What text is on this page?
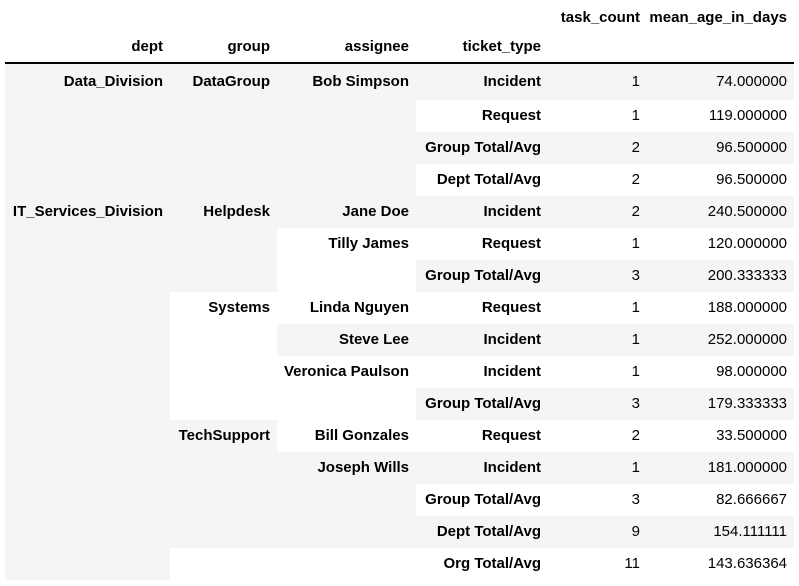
				task_count	mean_age_in_days
dept	group	assignee	ticket_type		
Data_Division	DataGroup	Bob Simpson	Incident	1	74.000000
			Request	1	119.000000
			Group Total/Avg	2	96.500000
			Dept Total/Avg	2	96.500000
IT_Services_Division	Helpdesk	Jane Doe	Incident	2	240.500000
		Tilly James	Request	1	120.000000
			Group Total/Avg	3	200.333333
	Systems	Linda Nguyen	Request	1	188.000000
		Steve Lee	Incident	1	252.000000
		Veronica Paulson	Incident	1	98.000000
			Group Total/Avg	3	179.333333
	TechSupport	Bill Gonzales	Request	2	33.500000
		Joseph Wills	Incident	1	181.000000
			Group Total/Avg	3	82.666667
			Dept Total/Avg	9	154.111111
			Org Total/Avg	11	143.636364
